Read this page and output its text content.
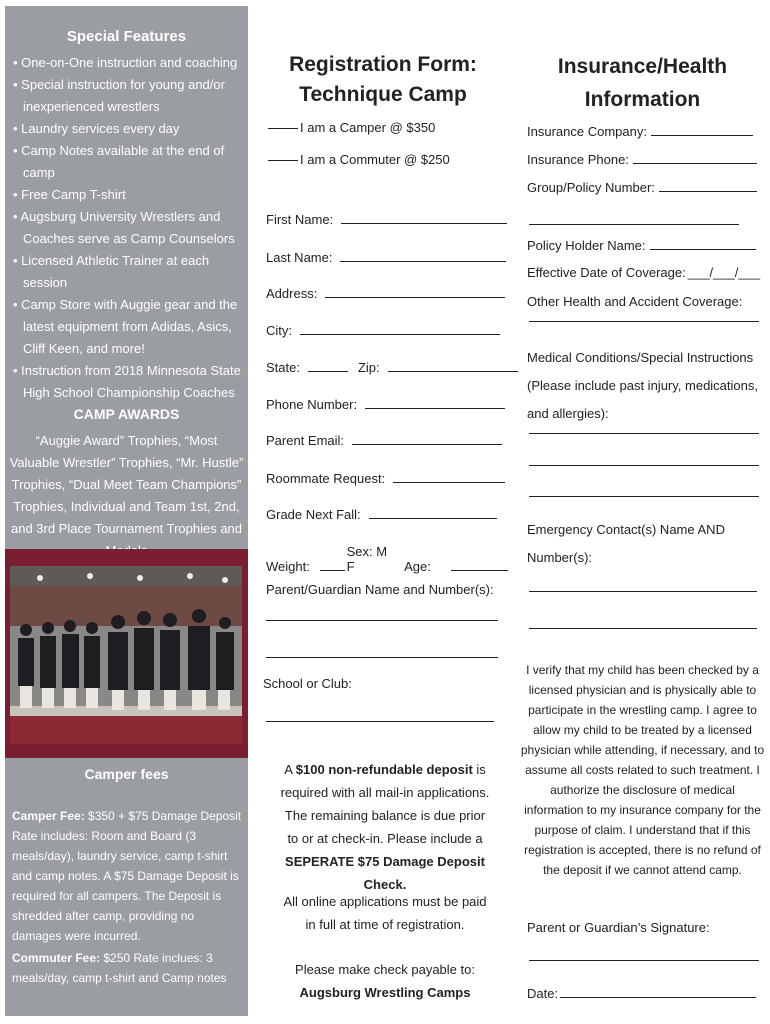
Special Features
• One-on-One instruction and coaching
• Special instruction for young and/or inexperienced wrestlers
• Laundry services every day
• Camp Notes available at the end of camp
• Free Camp T-shirt
• Augsburg University Wrestlers and Coaches serve as Camp Counselors
• Licensed Athletic Trainer at each session
• Camp Store with Auggie gear and the latest equipment from Adidas, Asics, Cliff Keen, and more!
• Instruction from 2018 Minnesota State High School Championship Coaches
CAMP AWARDS
“Auggie Award” Trophies, “Most Valuable Wrestler” Trophies, “Mr. Hustle” Trophies, “Dual Meet Team Champions” Trophies, Individual and Team 1st, 2nd, and 3rd Place Tournament Trophies and
Camper fees
Camper Fee: $350 + $75 Damage Deposit Rate includes: Room and Board (3 meals/day), laundry service, camp t-shirt and camp notes. A $75 Damage Deposit is required for all campers. The Deposit is shredded after camp, providing no damages were incurred.
Commuter Fee: $250 Rate inclues: 3 meals/day, camp t-shirt and Camp notes
Registration Form:
Technique Camp
I am a Camper @ $350
I am a Commuter @ $250
First Name:
Last Name:
Address:
City:
State:	Zip:
Phone Number:
Parent Email:
Roommate Request:
Grade Next Fall:
Weight:
Sex: M F	Age:
Parent/Guardian Name and Number(s):
School or Club:
A $100 non-refundable deposit is required with all mail-in applications. The remaining balance is due prior to or at check-in. Please include a SEPERATE $75 Damage Deposit Check.
All online applications must be paid in full at time of registration.
Please make check payable to:
Augsburg Wrestling Camps
Insurance/Health
Information
Insurance Company:
Insurance Phone:
Group/Policy Number:
Policy Holder Name:
Effective Date of Coverage: ___/___/___
Other Health and Accident Coverage:
Medical Conditions/Special Instructions (Please include past injury, medications, and allergies):
Emergency Contact(s) Name AND Number(s):
I verify that my child has been checked by a licensed physician and is physically able to participate in the wrestling camp. I agree to allow my child to be treated by a licensed physician while attending, if necessary, and to assume all costs related to such treatment. I authorize the disclosure of medical information to my insurance company for the purpose of claim. I understand that if this registration is accepted, there is no refund of the deposit if we cannot attend camp.
Parent or Guardian’s Signature:
Date:
